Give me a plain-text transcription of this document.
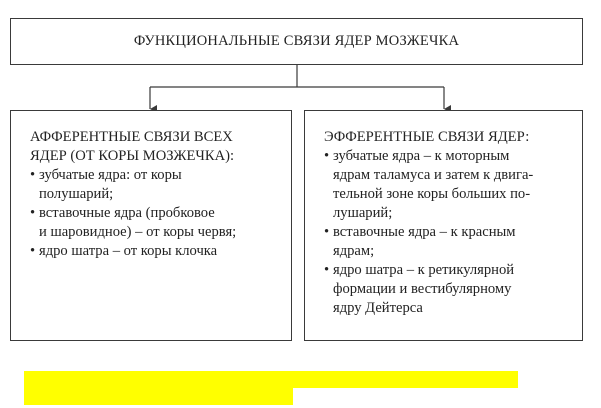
ФУНКЦИОНАЛЬНЫЕ СВЯЗИ ЯДЕР МОЗЖЕЧКА
АФФЕРЕНТНЫЕ СВЯЗИ ВСЕХ
ЯДЕР (ОТ КОРЫ МОЗЖЕЧКА):
• зубчатые ядра: от коры
полушарий;
• вставочные ядра (пробковое
и шаровидное) – от коры червя;
• ядро шатра – от коры клочка
ЭФФЕРЕНТНЫЕ СВЯЗИ ЯДЕР:
• зубчатые ядра – к моторным
ядрам таламуса и затем к двига-
тельной зоне коры больших по-
лушарий;
• вставочные ядра – к красным
ядрам;
• ядро шатра – к ретикулярной
формации и вестибулярному
ядру Дейтерса
